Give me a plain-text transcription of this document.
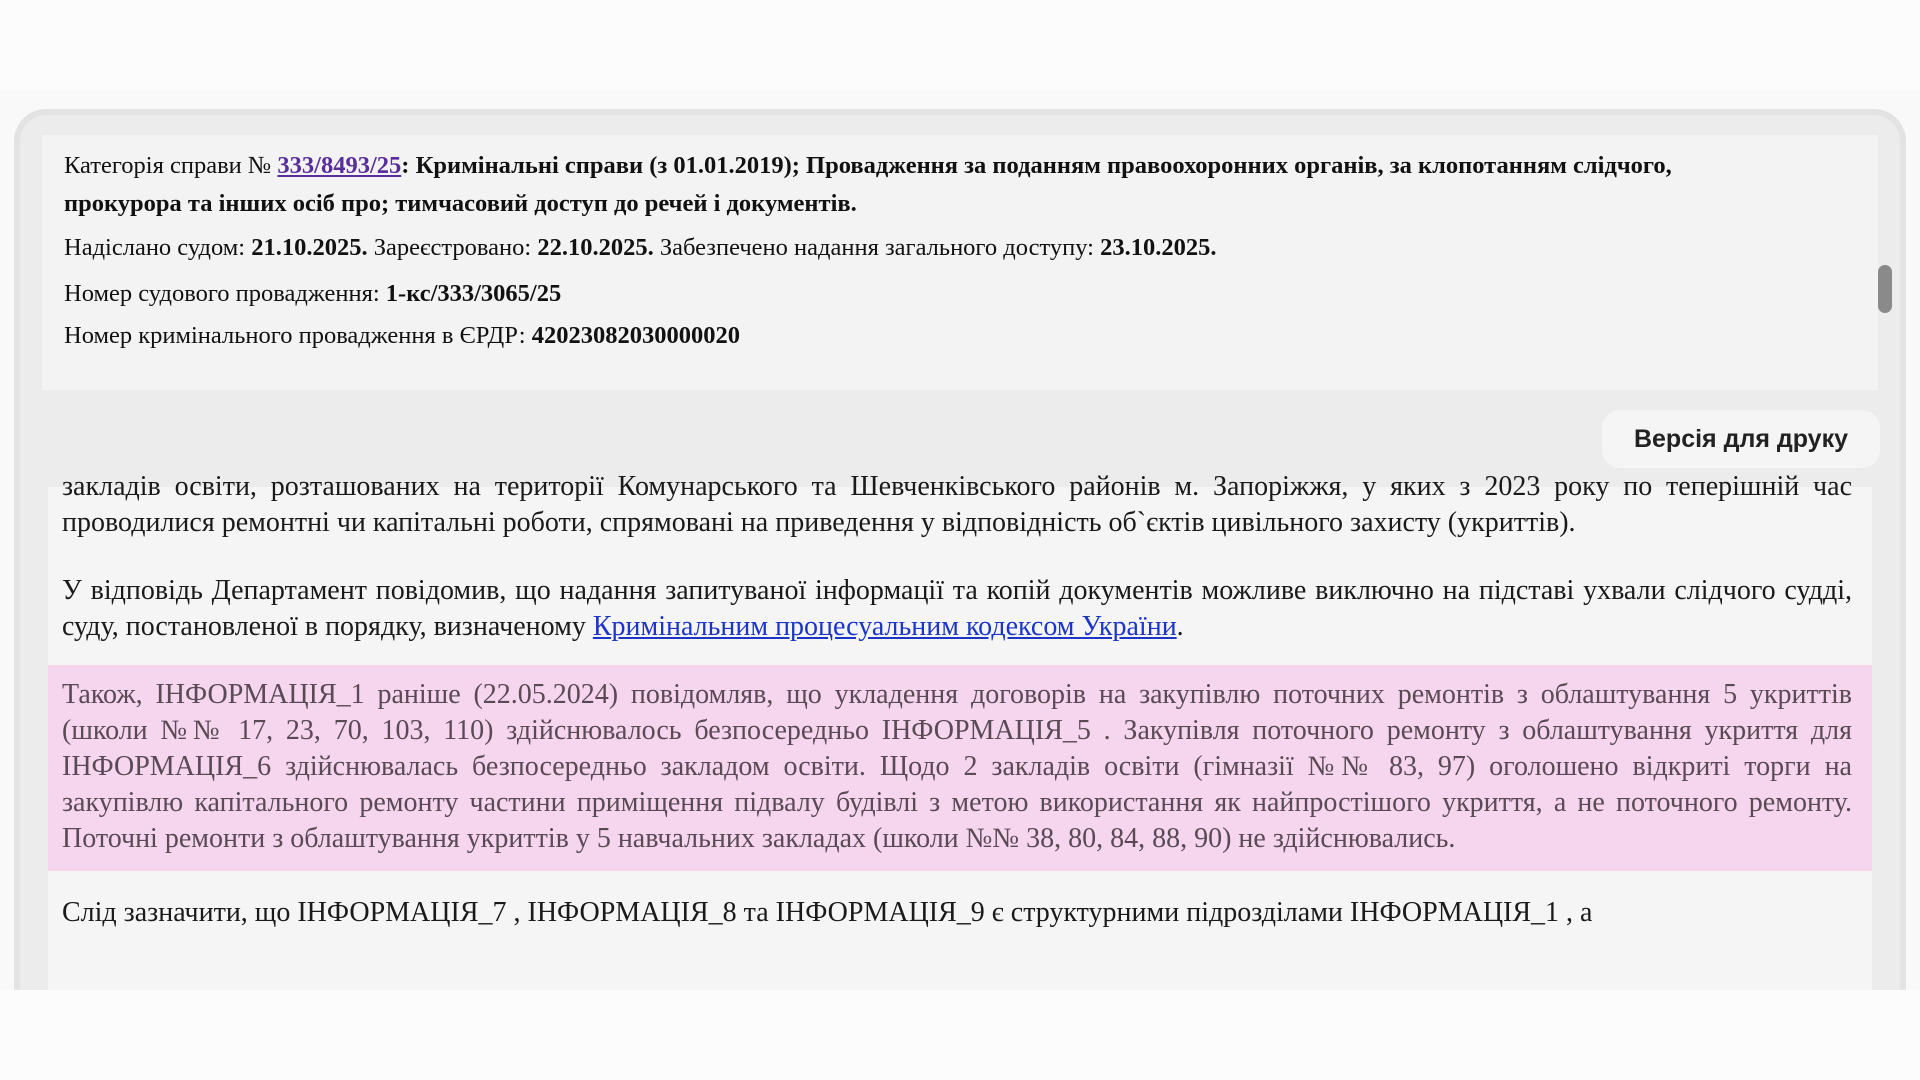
Категорія справи № 333/8493/25: Кримінальні справи (з 01.01.2019); Провадження за поданням правоохоронних органів, за клопотанням слідчого,

прокурора та інших осіб про; тимчасовий доступ до речей і документів.

Надіслано судом: 21.10.2025. Зареєстровано: 22.10.2025. Забезпечено надання загального доступу: 23.10.2025.

Номер судового провадження: 1-кс/333/3065/25

Номер кримінального провадження в ЄРДР: 42023082030000020

Версія для друку

закладів освіти, розташованих на території Комунарського та Шевченківського районів м. Запоріжжя, у яких з 2023 року по теперішній час проводилися ремонтні чи капітальні роботи, спрямовані на приведення у відповідність об`єктів цивільного захисту (укриттів).

У відповідь Департамент повідомив, що надання запитуваної інформації та копій документів можливе виключно на підставі ухвали слідчого судді, суду, постановленої в порядку, визначеному Кримінальним процесуальним кодексом України.

Також, ІНФОРМАЦІЯ_1 раніше (22.05.2024) повідомляв, що укладення договорів на закупівлю поточних ремонтів з облаштування 5 укриттів (школи №№ 17, 23, 70, 103, 110) здійснювалось безпосередньо ІНФОРМАЦІЯ_5 . Закупівля поточного ремонту з облаштування укриття для ІНФОРМАЦІЯ_6 здійснювалась безпосередньо закладом освіти. Щодо 2 закладів освіти (гімназії №№ 83, 97) оголошено відкриті торги на закупівлю капітального ремонту частини приміщення підвалу будівлі з метою використання як найпростішого укриття, а не поточного ремонту. Поточні ремонти з облаштування укриттів у 5 навчальних закладах (школи №№ 38, 80, 84, 88, 90) не здійснювались.

Слід зазначити, що ІНФОРМАЦІЯ_7 , ІНФОРМАЦІЯ_8 та ІНФОРМАЦІЯ_9 є структурними підрозділами ІНФОРМАЦІЯ_1 , а
